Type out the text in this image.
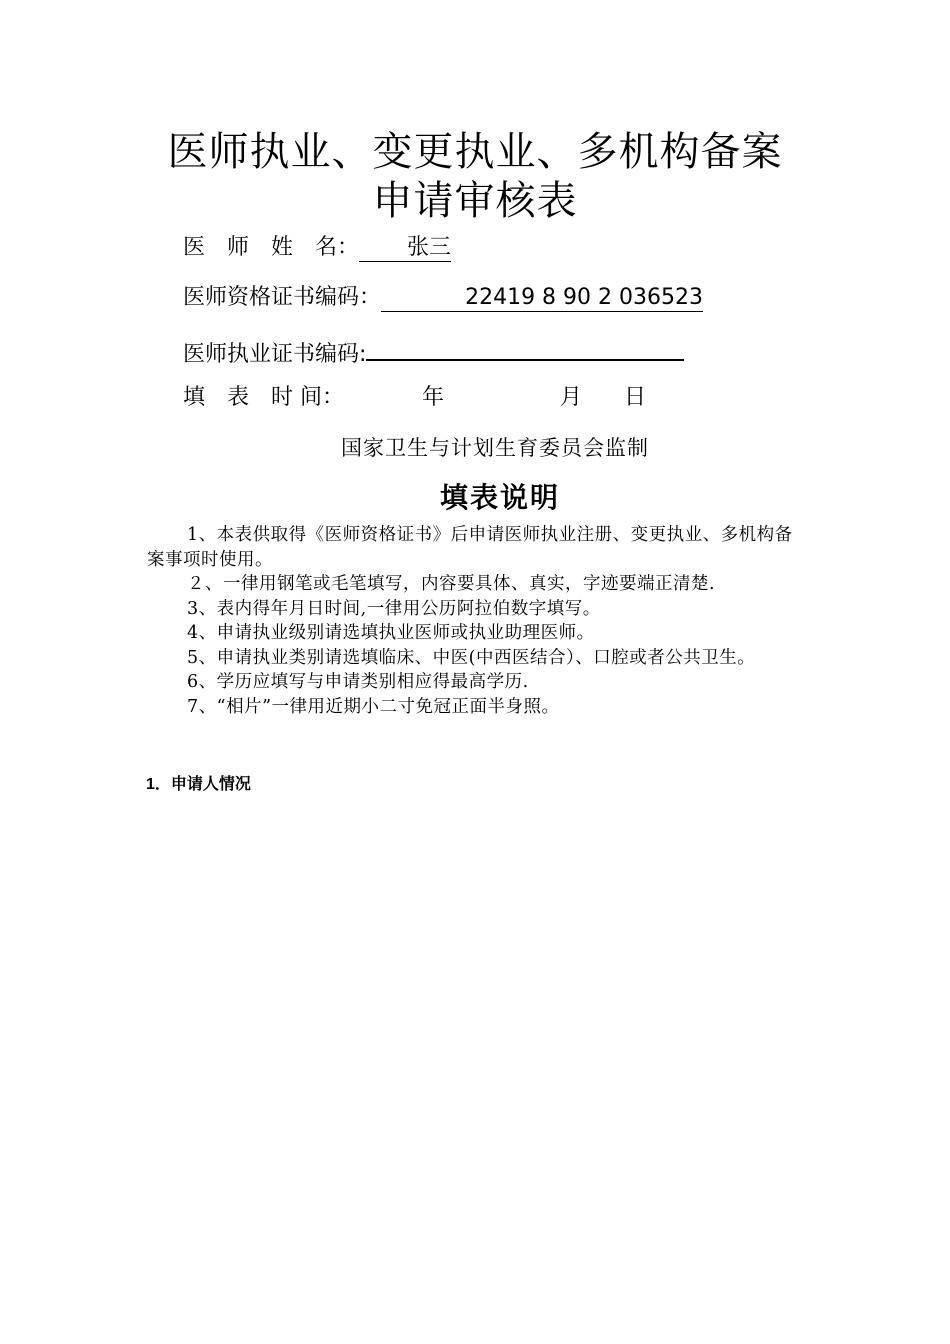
医师执业、变更执业、多机构备案
申请审核表
医　师　姓　名： 张三
医师资格证书编码：	22419 8 90 2 036523
医师执业证书编码:
填　表　时 间：	年	月 日
国家卫生与计划生育委员会监制
填表说明

1、本表供取得《医师资格证书》后申请医师执业注册、变更执业、多机构备案事项时使用。

２、一律用钢笔或毛笔填写，内容要具体、真实，字迹要端正清楚.

3、表内得年月日时间,一律用公历阿拉伯数字填写。

4、申请执业级别请选填执业医师或执业助理医师。

5、申请执业类别请选填临床、中医(中西医结合）、口腔或者公共卫生。

6、学历应填写与申请类别相应得最高学历.

7、“相片”一律用近期小二寸免冠正面半身照。

1．申请人情况
